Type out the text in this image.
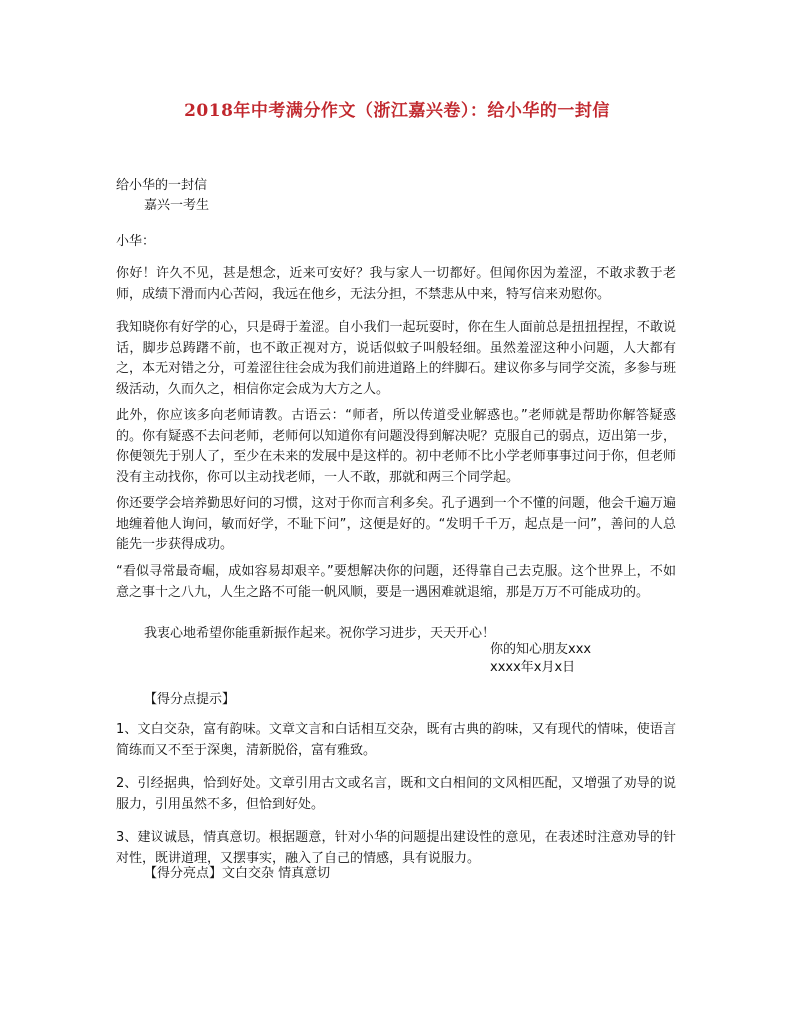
2018年中考满分作文（浙江嘉兴卷）：给小华的一封信
给小华的一封信
嘉兴一考生
小华：
你好！许久不见，甚是想念，近来可安好？我与家人一切都好。但闻你因为羞涩，不敢求教于老师，成绩下滑而内心苦闷，我远在他乡，无法分担，不禁悲从中来，特写信来劝慰你。
我知晓你有好学的心，只是碍于羞涩。自小我们一起玩耍时，你在生人面前总是扭扭捏捏，不敢说话，脚步总踌躇不前，也不敢正视对方，说话似蚊子叫般轻细。虽然羞涩这种小问题，人大都有之，本无对错之分，可羞涩往往会成为我们前进道路上的绊脚石。建议你多与同学交流，多参与班级活动，久而久之，相信你定会成为大方之人。
此外，你应该多向老师请教。古语云：“师者，所以传道受业解惑也。”老师就是帮助你解答疑惑的。你有疑惑不去问老师，老师何以知道你有问题没得到解决呢？克服自己的弱点，迈出第一步，你便领先于别人了，至少在未来的发展中是这样的。初中老师不比小学老师事事过问于你，但老师没有主动找你，你可以主动找老师，一人不敢，那就和两三个同学起。
你还要学会培养勤思好问的习惯，这对于你而言利多矣。孔子遇到一个不懂的问题，他会千遍万遍地缠着他人询问，敏而好学，不耻下问”，这便是好的。“发明千千万，起点是一问”，善问的人总能先一步获得成功。
“看似寻常最奇崛，成如容易却艰辛。”要想解决你的问题，还得靠自己去克服。这个世界上，不如意之事十之八九，人生之路不可能一帆风顺，要是一遇困难就退缩，那是万万不可能成功的。
我衷心地希望你能重新振作起来。祝你学习进步，天天开心！
你的知心朋友xxx
xxxx年x月x日
【得分点提示】
1、文白交杂，富有韵味。文章文言和白话相互交杂，既有古典的韵味，又有现代的情味，使语言简练而又不至于深奥，清新脱俗，富有雅致。
2、引经据典，恰到好处。文章引用古文或名言，既和文白相间的文风相匹配，又增强了劝导的说服力，引用虽然不多，但恰到好处。
3、建议诚恳，情真意切。根据题意，针对小华的问题提出建设性的意见，在表述时注意劝导的针对性，既讲道理，又摆事实，融入了自己的情感，具有说服力。
【得分亮点】文白交杂 情真意切
